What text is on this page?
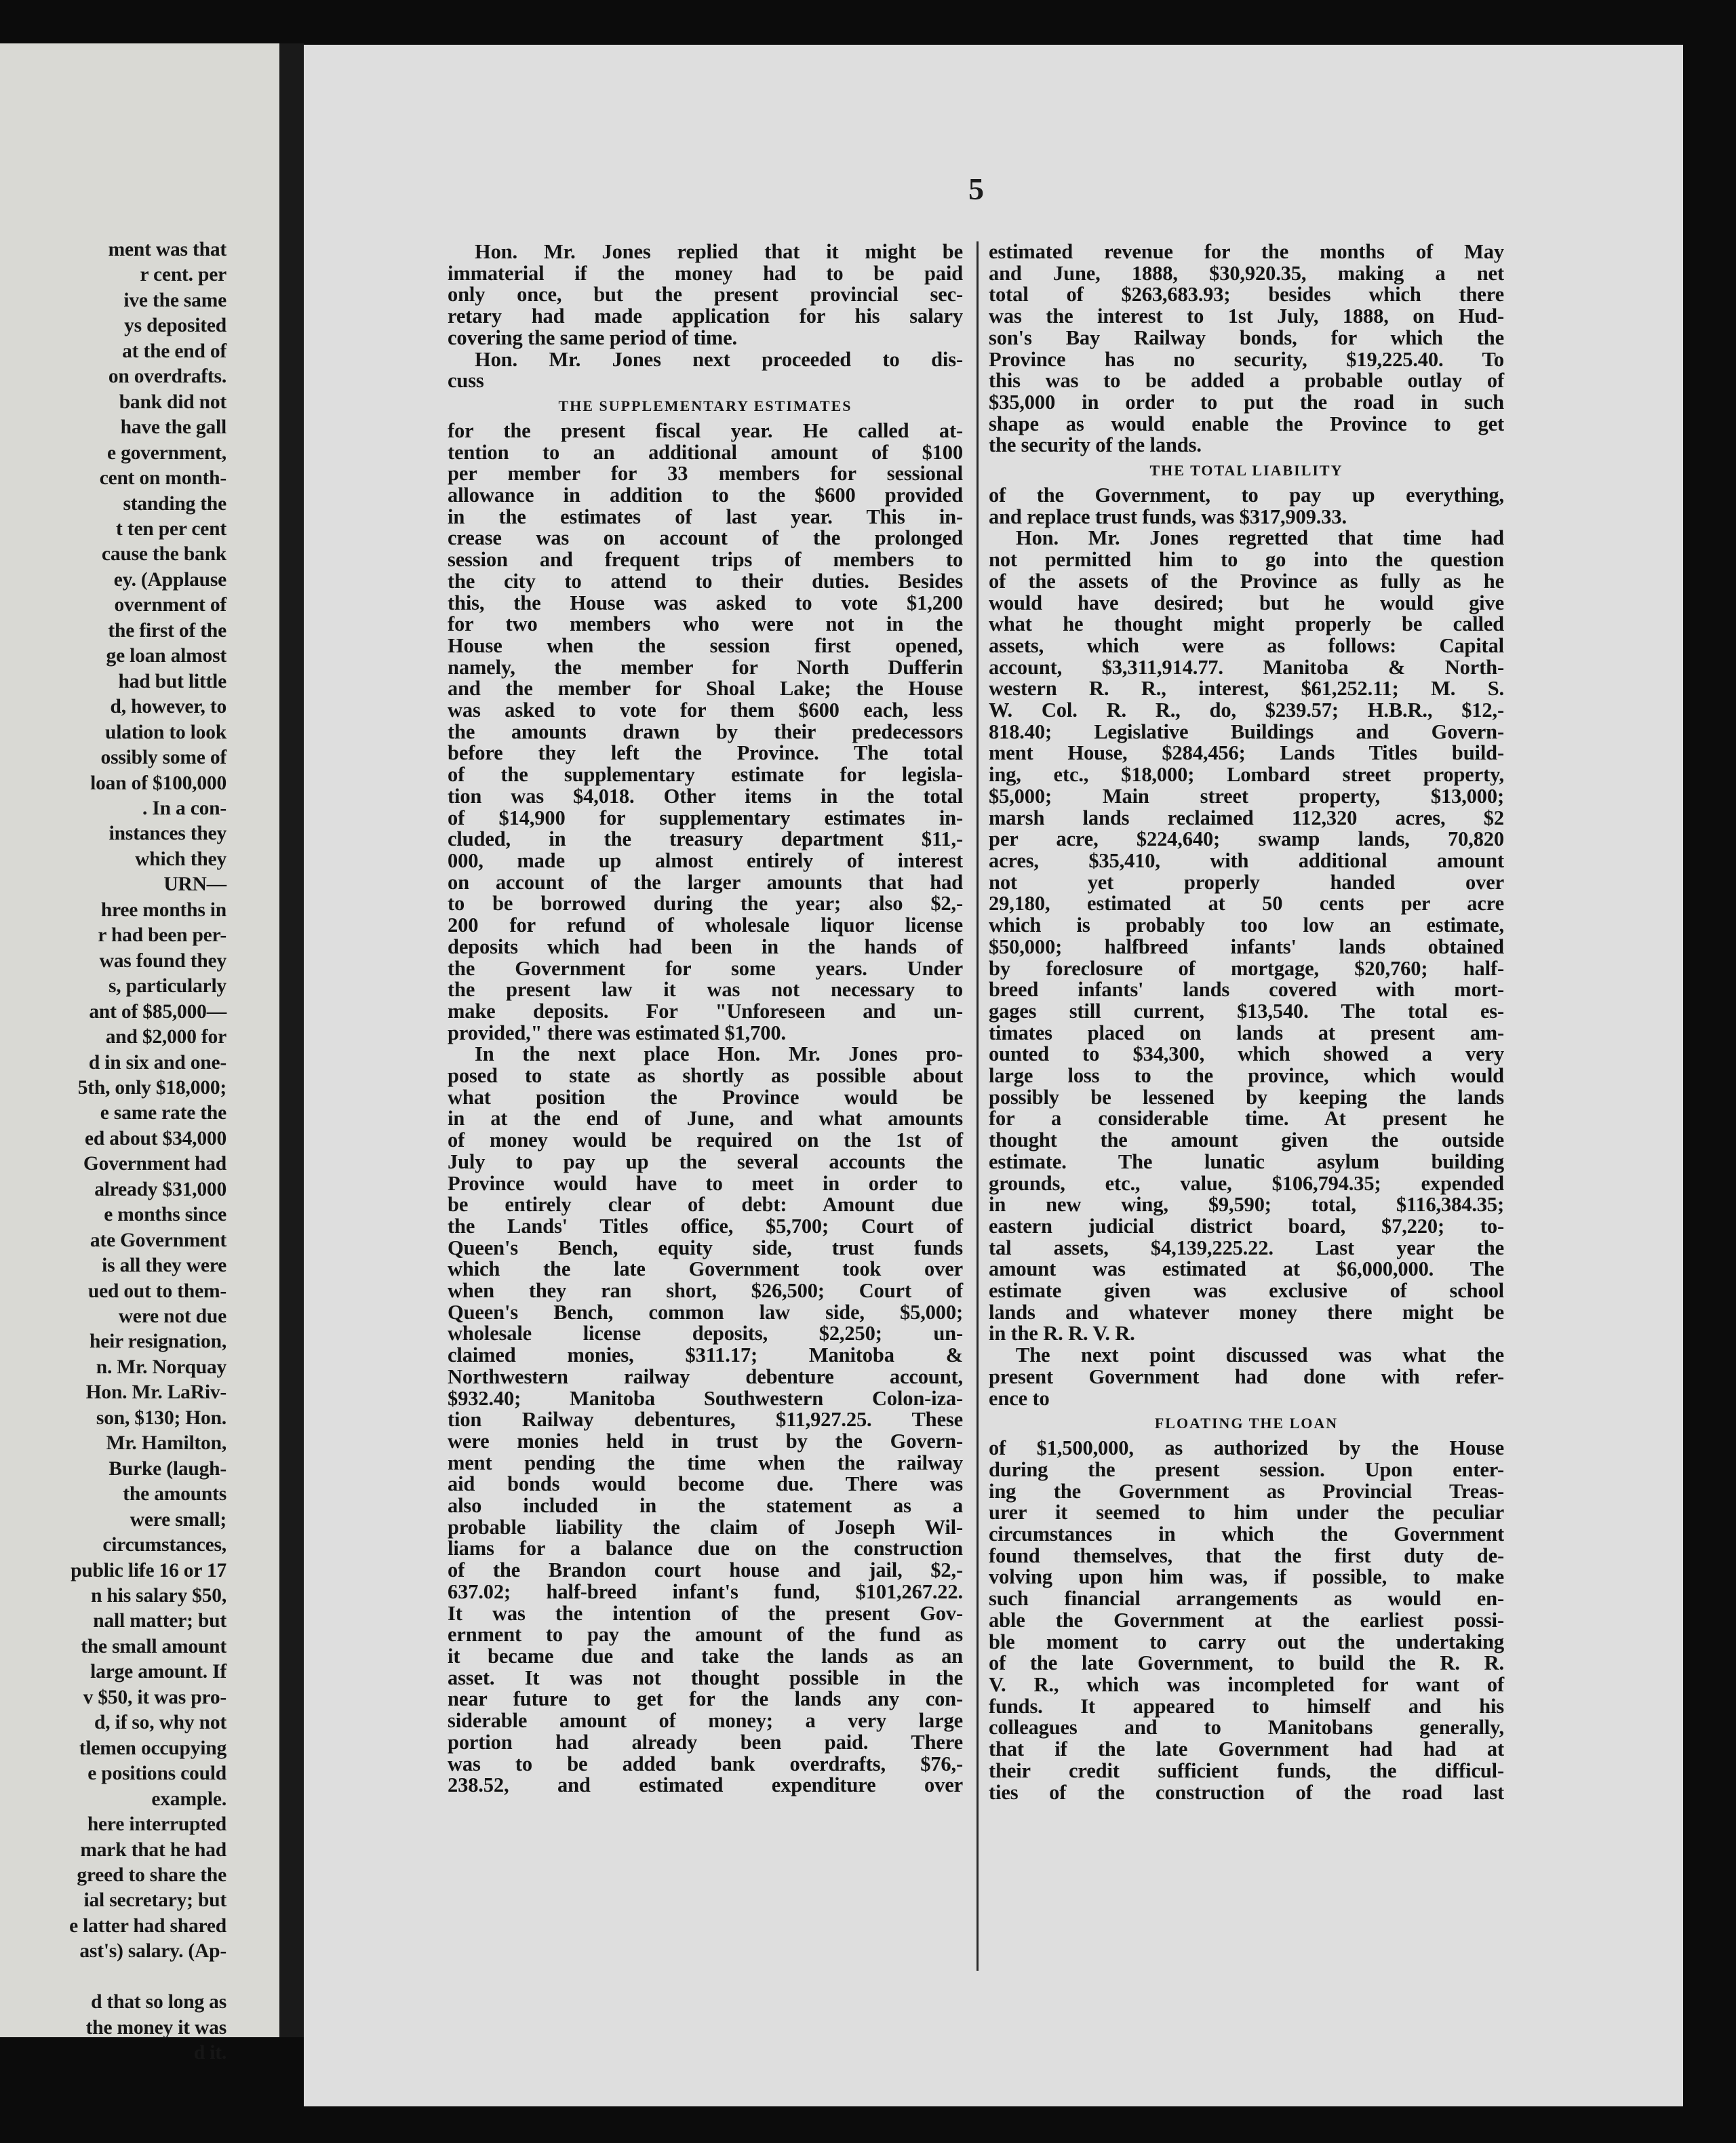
ment was that
r cent. per
ive the same
ys deposited
at the end of
on overdrafts.
bank did not
have the gall
e government,
cent on month-
standing the
t ten per cent
cause the bank
ey. (Applause
overnment of
the first of the
ge loan almost
had but little
d, however, to
ulation to look
ossibly some of
loan of $100,000
. In a con-
instances they
which they
URN—
hree months in
r had been per-
was found they
s, particularly
ant of $85,000—
and $2,000 for
d in six and one-
5th, only $18,000;
e same rate the
ed about $34,000
Government had
already $31,000
e months since
ate Government
is all they were
ued out to them-
were not due
heir resignation,
n. Mr. Norquay
Hon. Mr. LaRiv-
son, $130; Hon.
Mr. Hamilton,
Burke (laugh-
the amounts
were small;
circumstances,
public life 16 or 17
n his salary $50,
nall matter; but
the small amount
large amount. If
v $50, it was pro-
d, if so, why not
tlemen occupying
e positions could
example.
here interrupted
mark that he had
greed to share the
ial secretary; but
e latter had shared
ast's) salary. (Ap-

d that so long as
the money it was
d it.
5
Hon. Mr. Jones replied that it might be
immaterial if the money had to be paid
only once, but the present provincial sec-
retary had made application for his salary
covering the same period of time.
Hon. Mr. Jones next proceeded to dis-
cuss
THE SUPPLEMENTARY ESTIMATES
for the present fiscal year. He called at-
tention to an additional amount of $100
per member for 33 members for sessional
allowance in addition to the $600 provided
in the estimates of last year. This in-
crease was on account of the prolonged
session and frequent trips of members to
the city to attend to their duties. Besides
this, the House was asked to vote $1,200
for two members who were not in the
House when the session first opened,
namely, the member for North Dufferin
and the member for Shoal Lake; the House
was asked to vote for them $600 each, less
the amounts drawn by their predecessors
before they left the Province. The total
of the supplementary estimate for legisla-
tion was $4,018. Other items in the total
of $14,900 for supplementary estimates in-
cluded, in the treasury department $11,-
000, made up almost entirely of interest
on account of the larger amounts that had
to be borrowed during the year; also $2,-
200 for refund of wholesale liquor license
deposits which had been in the hands of
the Government for some years. Under
the present law it was not necessary to
make deposits. For "Unforeseen and un-
provided," there was estimated $1,700.
In the next place Hon. Mr. Jones pro-
posed to state as shortly as possible about
what position the Province would be
in at the end of June, and what amounts
of money would be required on the 1st of
July to pay up the several accounts the
Province would have to meet in order to
be entirely clear of debt: Amount due
the Lands' Titles office, $5,700; Court of
Queen's Bench, equity side, trust funds
which the late Government took over
when they ran short, $26,500; Court of
Queen's Bench, common law side, $5,000;
wholesale license deposits, $2,250; un-
claimed monies, $311.17; Manitoba &
Northwestern railway debenture account,
$932.40; Manitoba Southwestern Colon-iza-
tion Railway debentures, $11,927.25. These
were monies held in trust by the Govern-
ment pending the time when the railway
aid bonds would become due. There was
also included in the statement as a
probable liability the claim of Joseph Wil-
liams for a balance due on the construction
of the Brandon court house and jail, $2,-
637.02; half-breed infant's fund, $101,267.22.
It was the intention of the present Gov-
ernment to pay the amount of the fund as
it became due and take the lands as an
asset. It was not thought possible in the
near future to get for the lands any con-
siderable amount of money; a very large
portion had already been paid. There
was to be added bank overdrafts, $76,-
238.52, and estimated expenditure over
estimated revenue for the months of May
and June, 1888, $30,920.35, making a net
total of $263,683.93; besides which there
was the interest to 1st July, 1888, on Hud-
son's Bay Railway bonds, for which the
Province has no security, $19,225.40. To
this was to be added a probable outlay of
$35,000 in order to put the road in such
shape as would enable the Province to get
the security of the lands.
THE TOTAL LIABILITY
of the Government, to pay up everything,
and replace trust funds, was $317,909.33.
Hon. Mr. Jones regretted that time had
not permitted him to go into the question
of the assets of the Province as fully as he
would have desired; but he would give
what he thought might properly be called
assets, which were as follows: Capital
account, $3,311,914.77. Manitoba & North-
western R. R., interest, $61,252.11; M. S.
W. Col. R. R., do, $239.57; H.B.R., $12,-
818.40; Legislative Buildings and Govern-
ment House, $284,456; Lands Titles build-
ing, etc., $18,000; Lombard street property,
$5,000; Main street property, $13,000;
marsh lands reclaimed 112,320 acres, $2
per acre, $224,640; swamp lands, 70,820
acres, $35,410, with additional amount
not yet properly handed over
29,180, estimated at 50 cents per acre
which is probably too low an estimate,
$50,000; halfbreed infants' lands obtained
by foreclosure of mortgage, $20,760; half-
breed infants' lands covered with mort-
gages still current, $13,540. The total es-
timates placed on lands at present am-
ounted to $34,300, which showed a very
large loss to the province, which would
possibly be lessened by keeping the lands
for a considerable time. At present he
thought the amount given the outside
estimate. The lunatic asylum building
grounds, etc., value, $106,794.35; expended
in new wing, $9,590; total, $116,384.35;
eastern judicial district board, $7,220; to-
tal assets, $4,139,225.22. Last year the
amount was estimated at $6,000,000. The
estimate given was exclusive of school
lands and whatever money there might be
in the R. R. V. R.
The next point discussed was what the
present Government had done with refer-
ence to
FLOATING THE LOAN
of $1,500,000, as authorized by the House
during the present session. Upon enter-
ing the Government as Provincial Treas-
urer it seemed to him under the peculiar
circumstances in which the Government
found themselves, that the first duty de-
volving upon him was, if possible, to make
such financial arrangements as would en-
able the Government at the earliest possi-
ble moment to carry out the undertaking
of the late Government, to build the R. R.
V. R., which was incompleted for want of
funds. It appeared to himself and his
colleagues and to Manitobans generally,
that if the late Government had had at
their credit sufficient funds, the difficul-
ties of the construction of the road last
